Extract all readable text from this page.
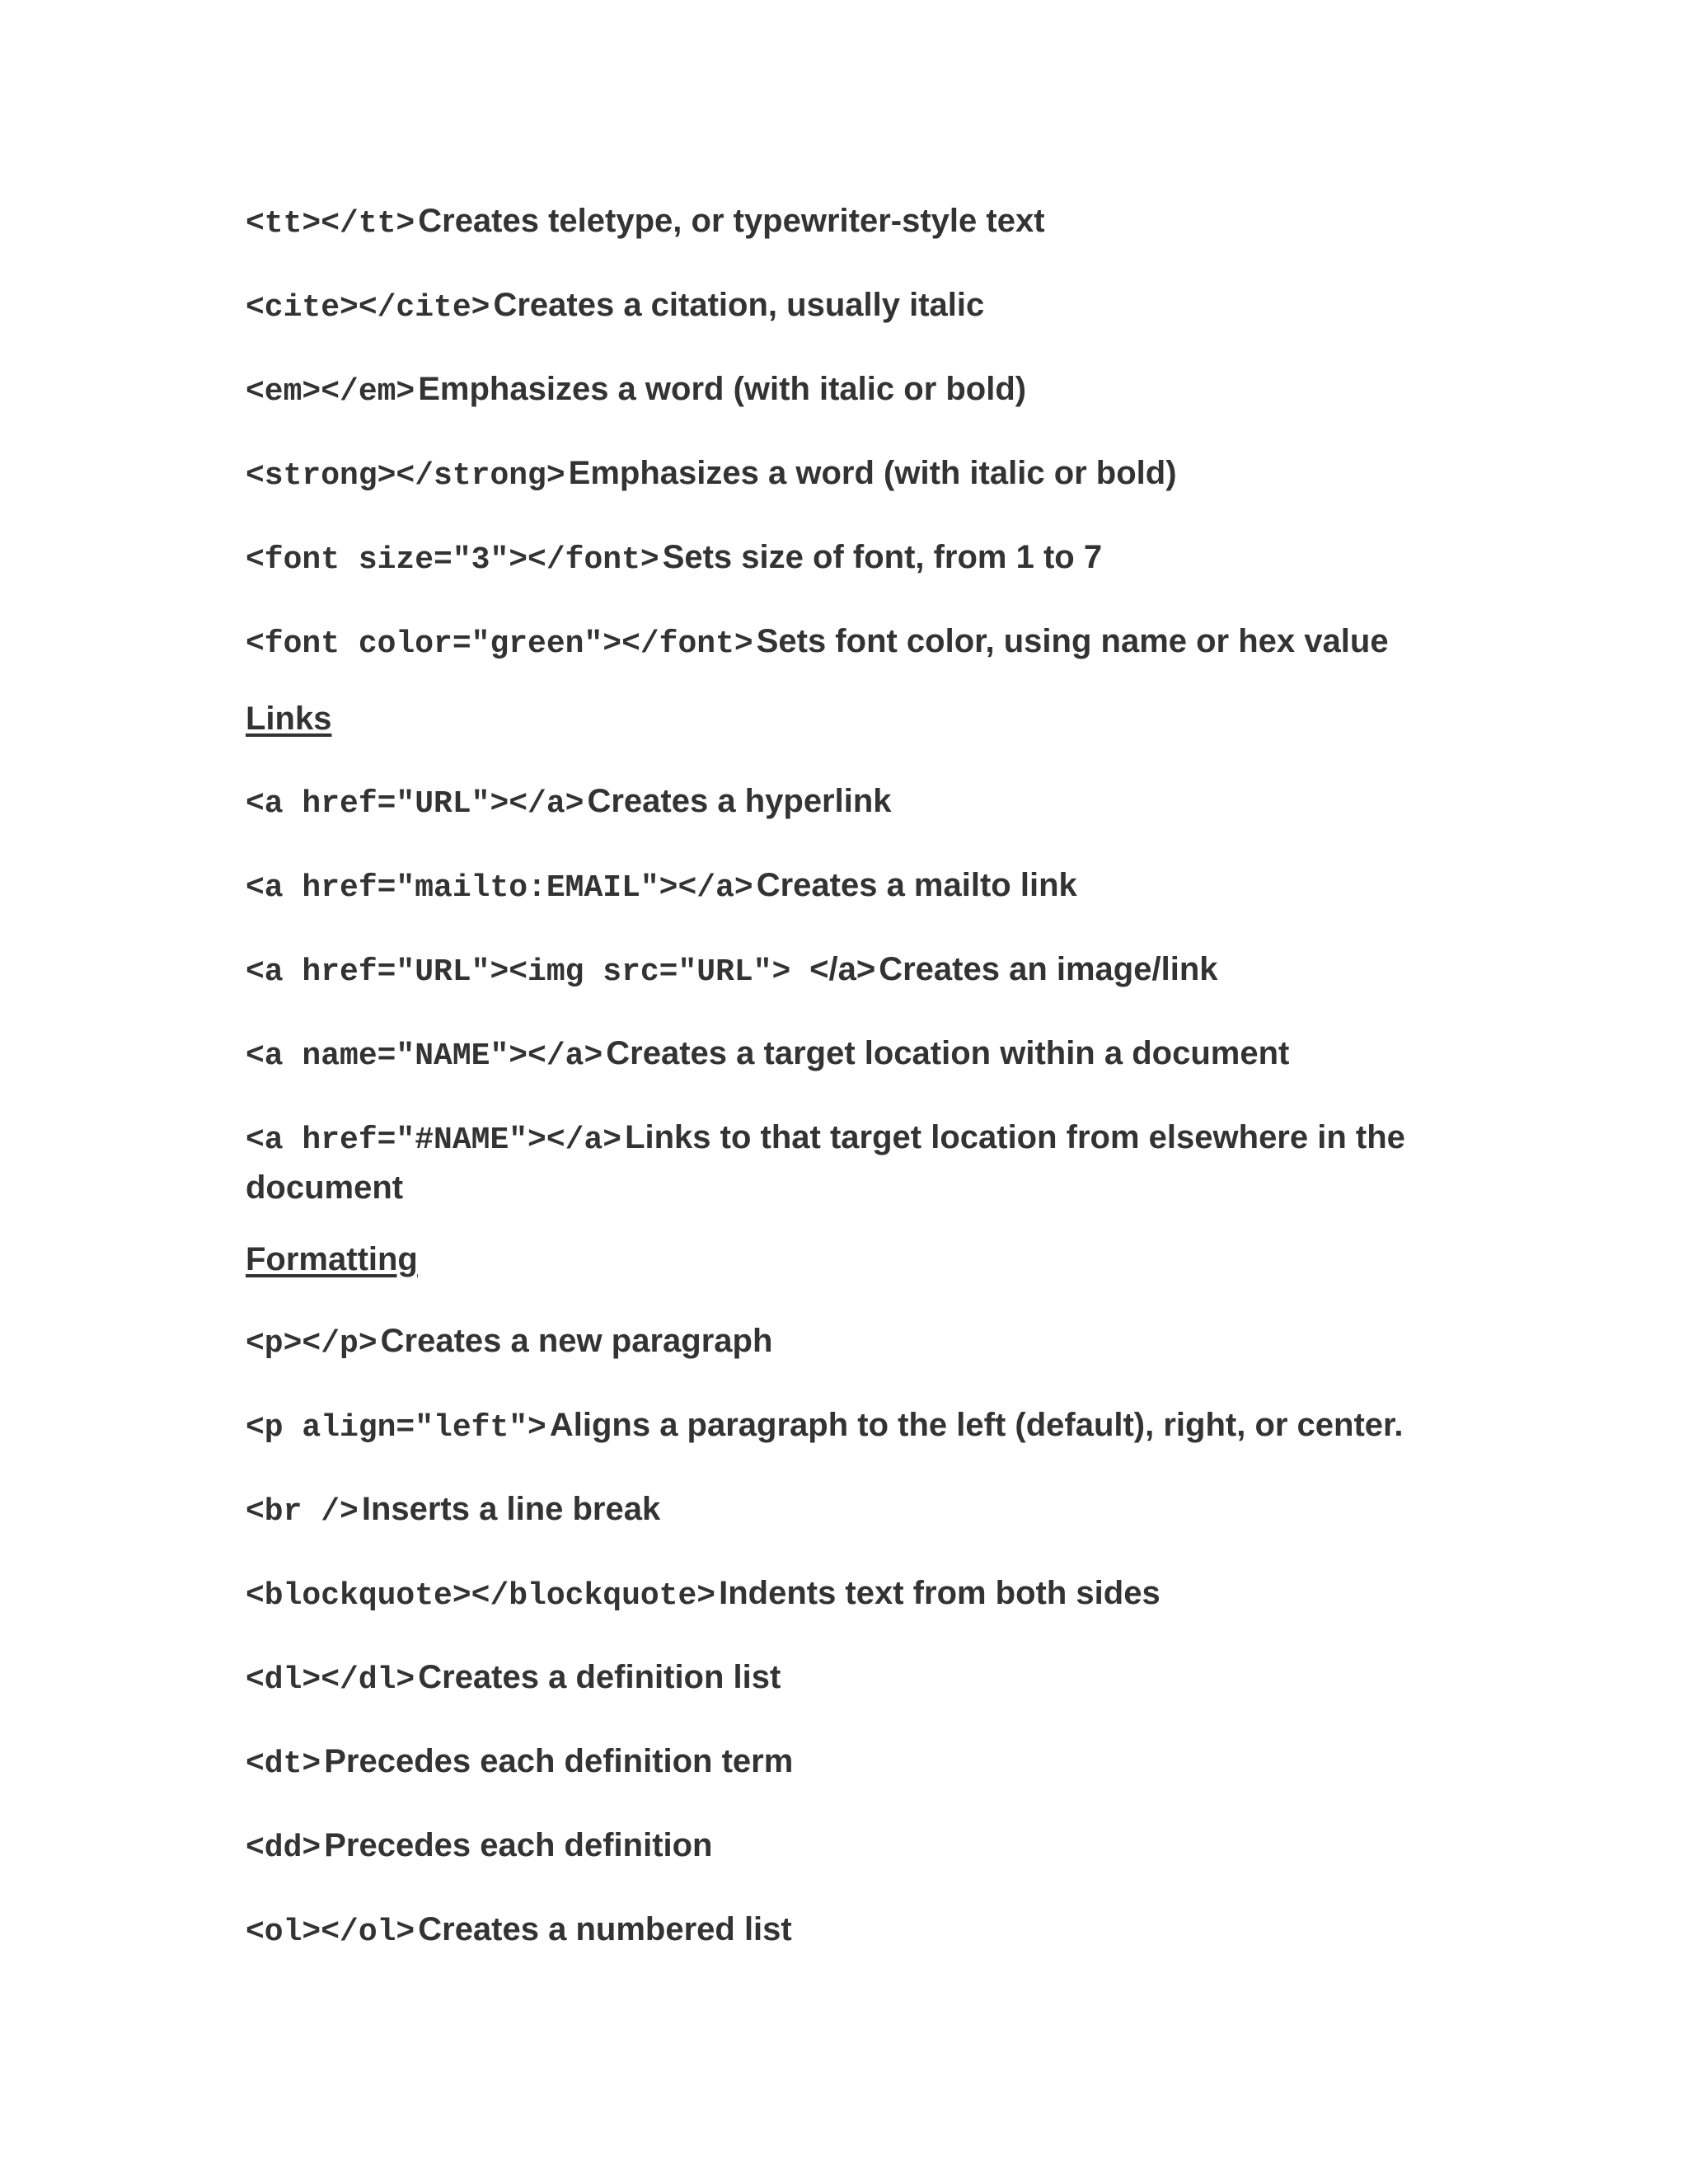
<tt></tt> Creates teletype, or typewriter-style text
<cite></cite> Creates a citation, usually italic
<em></em> Emphasizes a word (with italic or bold)
<strong></strong> Emphasizes a word (with italic or bold)
<font size="3"></font> Sets size of font, from 1 to 7
<font color="green"></font> Sets font color, using name or hex value
Links
<a href="URL"></a> Creates a hyperlink
<a href="mailto:EMAIL"></a> Creates a mailto link
<a href="URL"><img src="URL"> </a> Creates an image/link
<a name="NAME"></a> Creates a target location within a document
<a href="#NAME"></a> Links to that target location from elsewhere in the document
Formatting
<p></p> Creates a new paragraph
<p align="left"> Aligns a paragraph to the left (default), right, or center.
<br /> Inserts a line break
<blockquote></blockquote> Indents text from both sides
<dl></dl> Creates a definition list
<dt> Precedes each definition term
<dd> Precedes each definition
<ol></ol> Creates a numbered list
